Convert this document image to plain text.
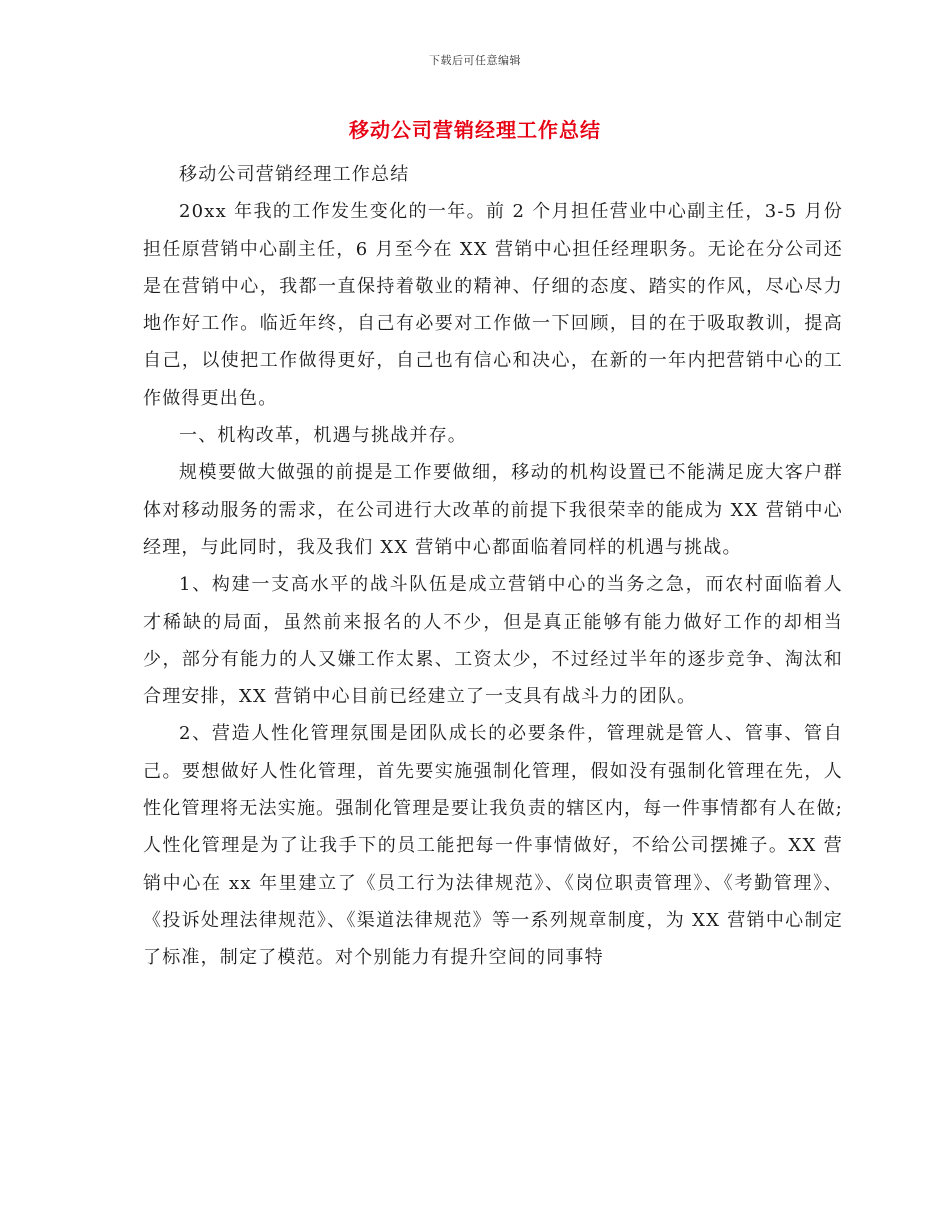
下载后可任意编辑
移动公司营销经理工作总结

移动公司营销经理工作总结

20xx 年我的工作发生变化的一年。前 2 个月担任营业中心副主任，3-5 月份担任原营销中心副主任，6 月至今在 XX 营销中心担任经理职务。无论在分公司还是在营销中心，我都一直保持着敬业的精神、仔细的态度、踏实的作风，尽心尽力地作好工作。临近年终，自己有必要对工作做一下回顾，目的在于吸取教训，提高自己，以使把工作做得更好，自己也有信心和决心，在新的一年内把营销中心的工作做得更出色。

一、机构改革，机遇与挑战并存。

规模要做大做强的前提是工作要做细，移动的机构设置已不能满足庞大客户群体对移动服务的需求，在公司进行大改革的前提下我很荣幸的能成为 XX 营销中心经理，与此同时，我及我们 XX 营销中心都面临着同样的机遇与挑战。

1、构建一支高水平的战斗队伍是成立营销中心的当务之急，而农村面临着人才稀缺的局面，虽然前来报名的人不少，但是真正能够有能力做好工作的却相当少，部分有能力的人又嫌工作太累、工资太少，不过经过半年的逐步竞争、淘汰和合理安排，XX 营销中心目前已经建立了一支具有战斗力的团队。

2、营造人性化管理氛围是团队成长的必要条件，管理就是管人、管事、管自己。要想做好人性化管理，首先要实施强制化管理，假如没有强制化管理在先，人性化管理将无法实施。强制化管理是要让我负责的辖区内，每一件事情都有人在做;人性化管理是为了让我手下的员工能把每一件事情做好，不给公司摆摊子。XX 营销中心在 xx 年里建立了《员工行为法律规范》、《岗位职责管理》、《考勤管理》、《投诉处理法律规范》、《渠道法律规范》等一系列规章制度，为 XX 营销中心制定了标准，制定了模范。对个别能力有提升空间的同事特
